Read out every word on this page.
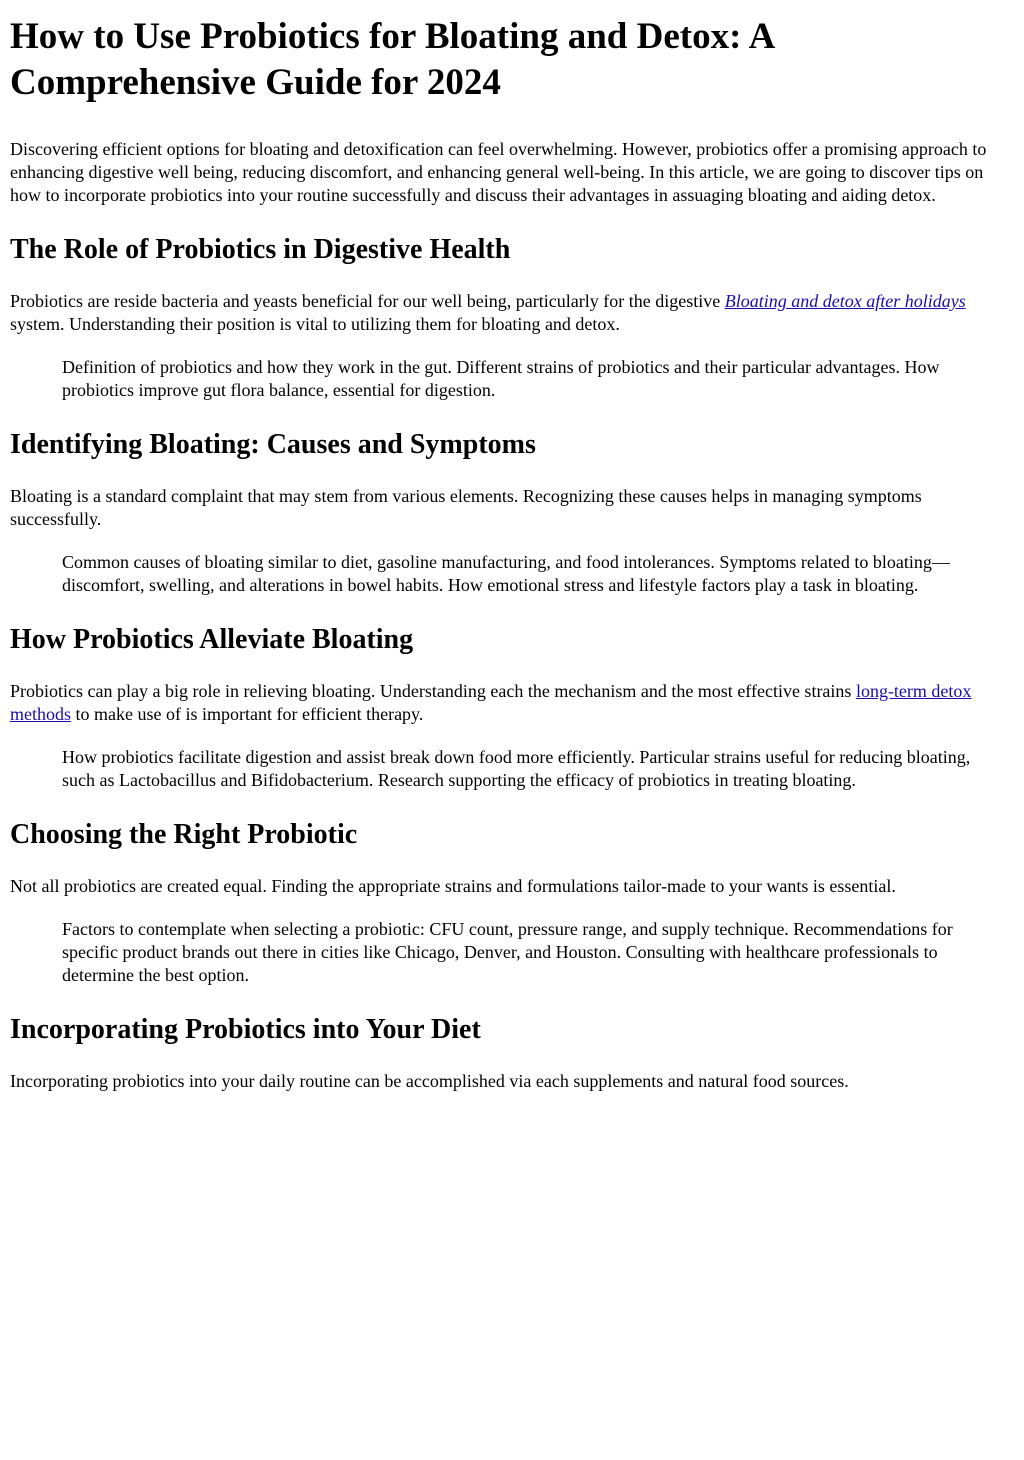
How to Use Probiotics for Bloating and Detox: A Comprehensive Guide for 2024

Discovering efficient options for bloating and detoxification can feel overwhelming. However, probiotics offer a promising approach to enhancing digestive well being, reducing discomfort, and enhancing general well-being. In this article, we are going to discover tips on how to incorporate probiotics into your routine successfully and discuss their advantages in assuaging bloating and aiding detox.

The Role of Probiotics in Digestive Health

Probiotics are reside bacteria and yeasts beneficial for our well being, particularly for the digestive Bloating and detox after holidays system. Understanding their position is vital to utilizing them for bloating and detox.

Definition of probiotics and how they work in the gut. Different strains of probiotics and their particular advantages. How probiotics improve gut flora balance, essential for digestion.

Identifying Bloating: Causes and Symptoms

Bloating is a standard complaint that may stem from various elements. Recognizing these causes helps in managing symptoms successfully.

Common causes of bloating similar to diet, gasoline manufacturing, and food intolerances. Symptoms related to bloating—discomfort, swelling, and alterations in bowel habits. How emotional stress and lifestyle factors play a task in bloating.

How Probiotics Alleviate Bloating

Probiotics can play a big role in relieving bloating. Understanding each the mechanism and the most effective strains long-term detox methods to make use of is important for efficient therapy.

How probiotics facilitate digestion and assist break down food more efficiently. Particular strains useful for reducing bloating, such as Lactobacillus and Bifidobacterium. Research supporting the efficacy of probiotics in treating bloating.

Choosing the Right Probiotic

Not all probiotics are created equal. Finding the appropriate strains and formulations tailor-made to your wants is essential.

Factors to contemplate when selecting a probiotic: CFU count, pressure range, and supply technique. Recommendations for specific product brands out there in cities like Chicago, Denver, and Houston. Consulting with healthcare professionals to determine the best option.

Incorporating Probiotics into Your Diet

Incorporating probiotics into your daily routine can be accomplished via each supplements and natural food sources.
